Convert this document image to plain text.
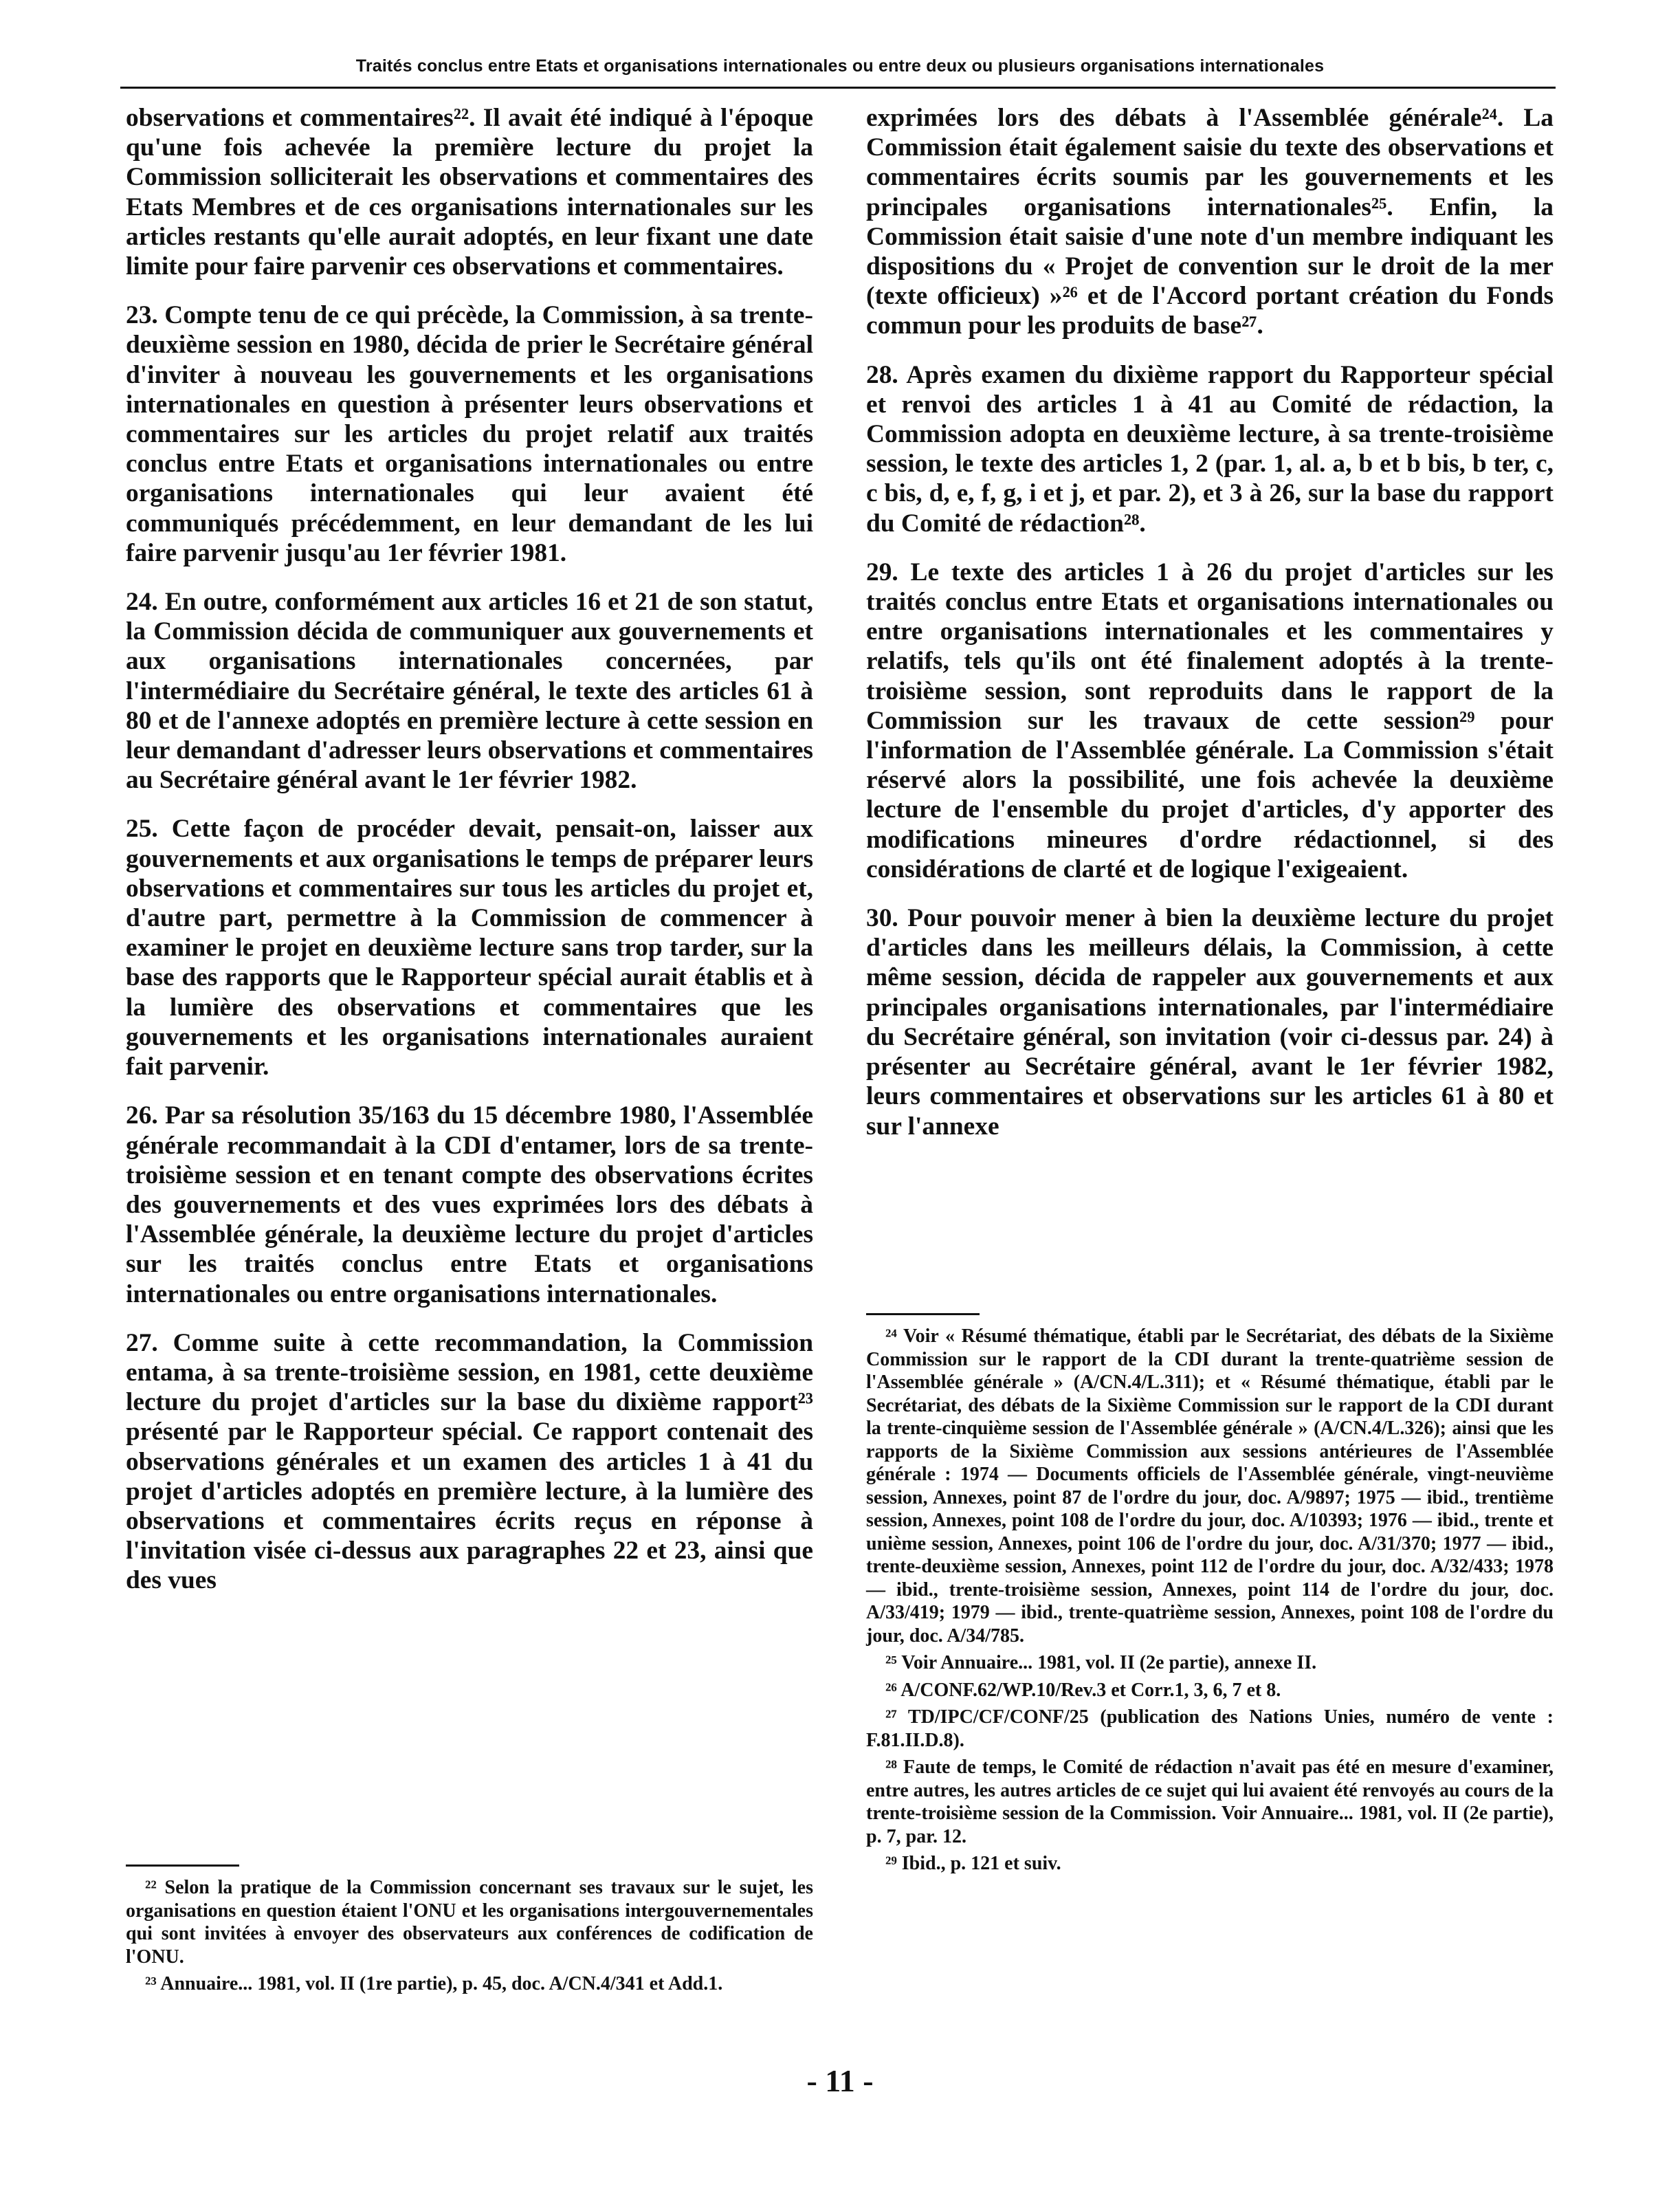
Traités conclus entre Etats et organisations internationales ou entre deux ou plusieurs organisations internationales

observations et commentaires²². Il avait été indiqué à l'époque qu'une fois achevée la première lecture du projet la Commission solliciterait les observations et commentaires des Etats Membres et de ces organisations internationales sur les articles restants qu'elle aurait adoptés, en leur fixant une date limite pour faire parvenir ces observations et commentaires.

23. Compte tenu de ce qui précède, la Commission, à sa trente-deuxième session en 1980, décida de prier le Secrétaire général d'inviter à nouveau les gouvernements et les organisations internationales en question à présenter leurs observations et commentaires sur les articles du projet relatif aux traités conclus entre Etats et organisations internationales ou entre organisations internationales qui leur avaient été communiqués précédemment, en leur demandant de les lui faire parvenir jusqu'au 1er février 1981.

24. En outre, conformément aux articles 16 et 21 de son statut, la Commission décida de communiquer aux gouvernements et aux organisations internationales concernées, par l'intermédiaire du Secrétaire général, le texte des articles 61 à 80 et de l'annexe adoptés en première lecture à cette session en leur demandant d'adresser leurs observations et commentaires au Secrétaire général avant le 1er février 1982.

25. Cette façon de procéder devait, pensait-on, laisser aux gouvernements et aux organisations le temps de préparer leurs observations et commentaires sur tous les articles du projet et, d'autre part, permettre à la Commission de commencer à examiner le projet en deuxième lecture sans trop tarder, sur la base des rapports que le Rapporteur spécial aurait établis et à la lumière des observations et commentaires que les gouvernements et les organisations internationales auraient fait parvenir.

26. Par sa résolution 35/163 du 15 décembre 1980, l'Assemblée générale recommandait à la CDI d'entamer, lors de sa trente-troisième session et en tenant compte des observations écrites des gouvernements et des vues exprimées lors des débats à l'Assemblée générale, la deuxième lecture du projet d'articles sur les traités conclus entre Etats et organisations internationales ou entre organisations internationales.

27. Comme suite à cette recommandation, la Commission entama, à sa trente-troisième session, en 1981, cette deuxième lecture du projet d'articles sur la base du dixième rapport²³ présenté par le Rapporteur spécial. Ce rapport contenait des observations générales et un examen des articles 1 à 41 du projet d'articles adoptés en première lecture, à la lumière des observations et commentaires écrits reçus en réponse à l'invitation visée ci-dessus aux paragraphes 22 et 23, ainsi que des vues

²² Selon la pratique de la Commission concernant ses travaux sur le sujet, les organisations en question étaient l'ONU et les organisations intergouvernementales qui sont invitées à envoyer des observateurs aux conférences de codification de l'ONU.

²³ Annuaire... 1981, vol. II (1re partie), p. 45, doc. A/CN.4/341 et Add.1.

exprimées lors des débats à l'Assemblée générale²⁴. La Commission était également saisie du texte des observations et commentaires écrits soumis par les gouvernements et les principales organisations internationales²⁵. Enfin, la Commission était saisie d'une note d'un membre indiquant les dispositions du « Projet de convention sur le droit de la mer (texte officieux) »²⁶ et de l'Accord portant création du Fonds commun pour les produits de base²⁷.

28. Après examen du dixième rapport du Rapporteur spécial et renvoi des articles 1 à 41 au Comité de rédaction, la Commission adopta en deuxième lecture, à sa trente-troisième session, le texte des articles 1, 2 (par. 1, al. a, b et b bis, b ter, c, c bis, d, e, f, g, i et j, et par. 2), et 3 à 26, sur la base du rapport du Comité de rédaction²⁸.

29. Le texte des articles 1 à 26 du projet d'articles sur les traités conclus entre Etats et organisations internationales ou entre organisations internationales et les commentaires y relatifs, tels qu'ils ont été finalement adoptés à la trente-troisième session, sont reproduits dans le rapport de la Commission sur les travaux de cette session²⁹ pour l'information de l'Assemblée générale. La Commission s'était réservé alors la possibilité, une fois achevée la deuxième lecture de l'ensemble du projet d'articles, d'y apporter des modifications mineures d'ordre rédactionnel, si des considérations de clarté et de logique l'exigeaient.

30. Pour pouvoir mener à bien la deuxième lecture du projet d'articles dans les meilleurs délais, la Commission, à cette même session, décida de rappeler aux gouvernements et aux principales organisations internationales, par l'intermédiaire du Secrétaire général, son invitation (voir ci-dessus par. 24) à présenter au Secrétaire général, avant le 1er février 1982, leurs commentaires et observations sur les articles 61 à 80 et sur l'annexe

²⁴ Voir « Résumé thématique, établi par le Secrétariat, des débats de la Sixième Commission sur le rapport de la CDI durant la trente-quatrième session de l'Assemblée générale » (A/CN.4/L.311); et « Résumé thématique, établi par le Secrétariat, des débats de la Sixième Commission sur le rapport de la CDI durant la trente-cinquième session de l'Assemblée générale » (A/CN.4/L.326); ainsi que les rapports de la Sixième Commission aux sessions antérieures de l'Assemblée générale : 1974 — Documents officiels de l'Assemblée générale, vingt-neuvième session, Annexes, point 87 de l'ordre du jour, doc. A/9897; 1975 — ibid., trentième session, Annexes, point 108 de l'ordre du jour, doc. A/10393; 1976 — ibid., trente et unième session, Annexes, point 106 de l'ordre du jour, doc. A/31/370; 1977 — ibid., trente-deuxième session, Annexes, point 112 de l'ordre du jour, doc. A/32/433; 1978 — ibid., trente-troisième session, Annexes, point 114 de l'ordre du jour, doc. A/33/419; 1979 — ibid., trente-quatrième session, Annexes, point 108 de l'ordre du jour, doc. A/34/785.

²⁵ Voir Annuaire... 1981, vol. II (2e partie), annexe II.

²⁶ A/CONF.62/WP.10/Rev.3 et Corr.1, 3, 6, 7 et 8.

²⁷ TD/IPC/CF/CONF/25 (publication des Nations Unies, numéro de vente : F.81.II.D.8).

²⁸ Faute de temps, le Comité de rédaction n'avait pas été en mesure d'examiner, entre autres, les autres articles de ce sujet qui lui avaient été renvoyés au cours de la trente-troisième session de la Commission. Voir Annuaire... 1981, vol. II (2e partie), p. 7, par. 12.

²⁹ Ibid., p. 121 et suiv.

- 11 -
